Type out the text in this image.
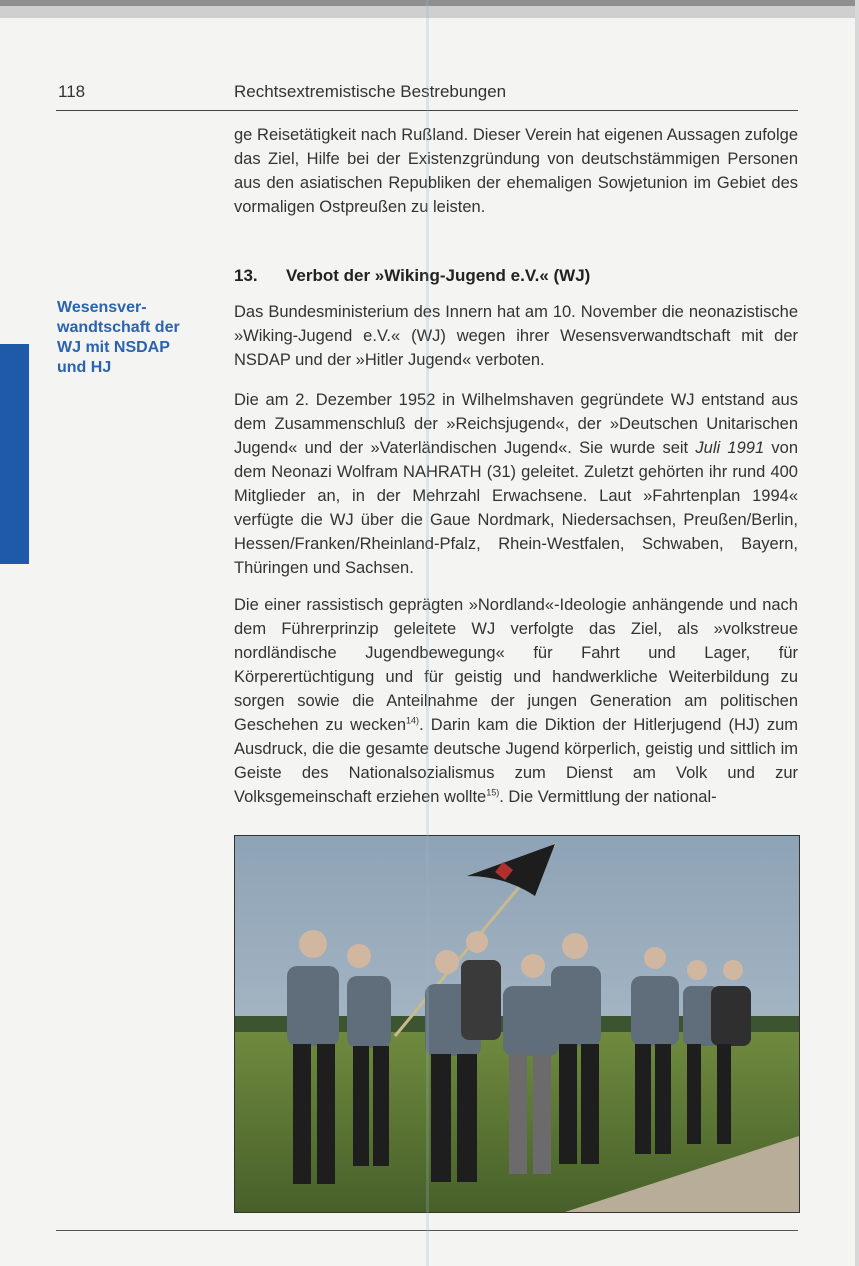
118	Rechtsextremistische Bestrebungen
Wesensver-wandtschaft der WJ mit NSDAP und HJ
ge Reisetätigkeit nach Rußland. Dieser Verein hat eigenen Aussagen zufolge das Ziel, Hilfe bei der Existenzgründung von deutschstämmigen Personen aus den asiatischen Republiken der ehemaligen Sowjetunion im Gebiet des vormaligen Ostpreußen zu leisten.
13. Verbot der »Wiking-Jugend e.V.« (WJ)
Das Bundesministerium des Innern hat am 10. November die neonazistische »Wiking-Jugend e.V.« (WJ) wegen ihrer Wesensverwandtschaft mit der NSDAP und der »Hitler Jugend« verboten.
Die am 2. Dezember 1952 in Wilhelmshaven gegründete WJ entstand aus dem Zusammenschluß der »Reichsjugend«, der »Deutschen Unitarischen Jugend« und der »Vaterländischen Jugend«. Sie wurde seit Juli 1991 von dem Neonazi Wolfram NAHRATH (31) geleitet. Zuletzt gehörten ihr rund 400 Mitglieder an, in der Mehrzahl Erwachsene. Laut »Fahrtenplan 1994« verfügte die WJ über die Gaue Nordmark, Niedersachsen, Preußen/Berlin, Hessen/Franken/Rheinland-Pfalz, Rhein-Westfalen, Schwaben, Bayern, Thüringen und Sachsen.
Die einer rassistisch geprägten »Nordland«-Ideologie anhängende und nach dem Führerprinzip geleitete WJ verfolgte das Ziel, als »volkstreue nordländische Jugendbewegung« für Fahrt und Lager, für Körperertüchtigung und für geistig und handwerkliche Weiterbildung zu sorgen sowie die Anteilnahme der jungen Generation am politischen Geschehen zu wecken$^{14)}$. Darin kam die Diktion der Hitlerjugend (HJ) zum Ausdruck, die die gesamte deutsche Jugend körperlich, geistig und sittlich im Geiste des Nationalsozialismus zum Dienst am Volk und zur Volksgemeinschaft erziehen wollte$^{15)}$. Die Vermittlung der national-
